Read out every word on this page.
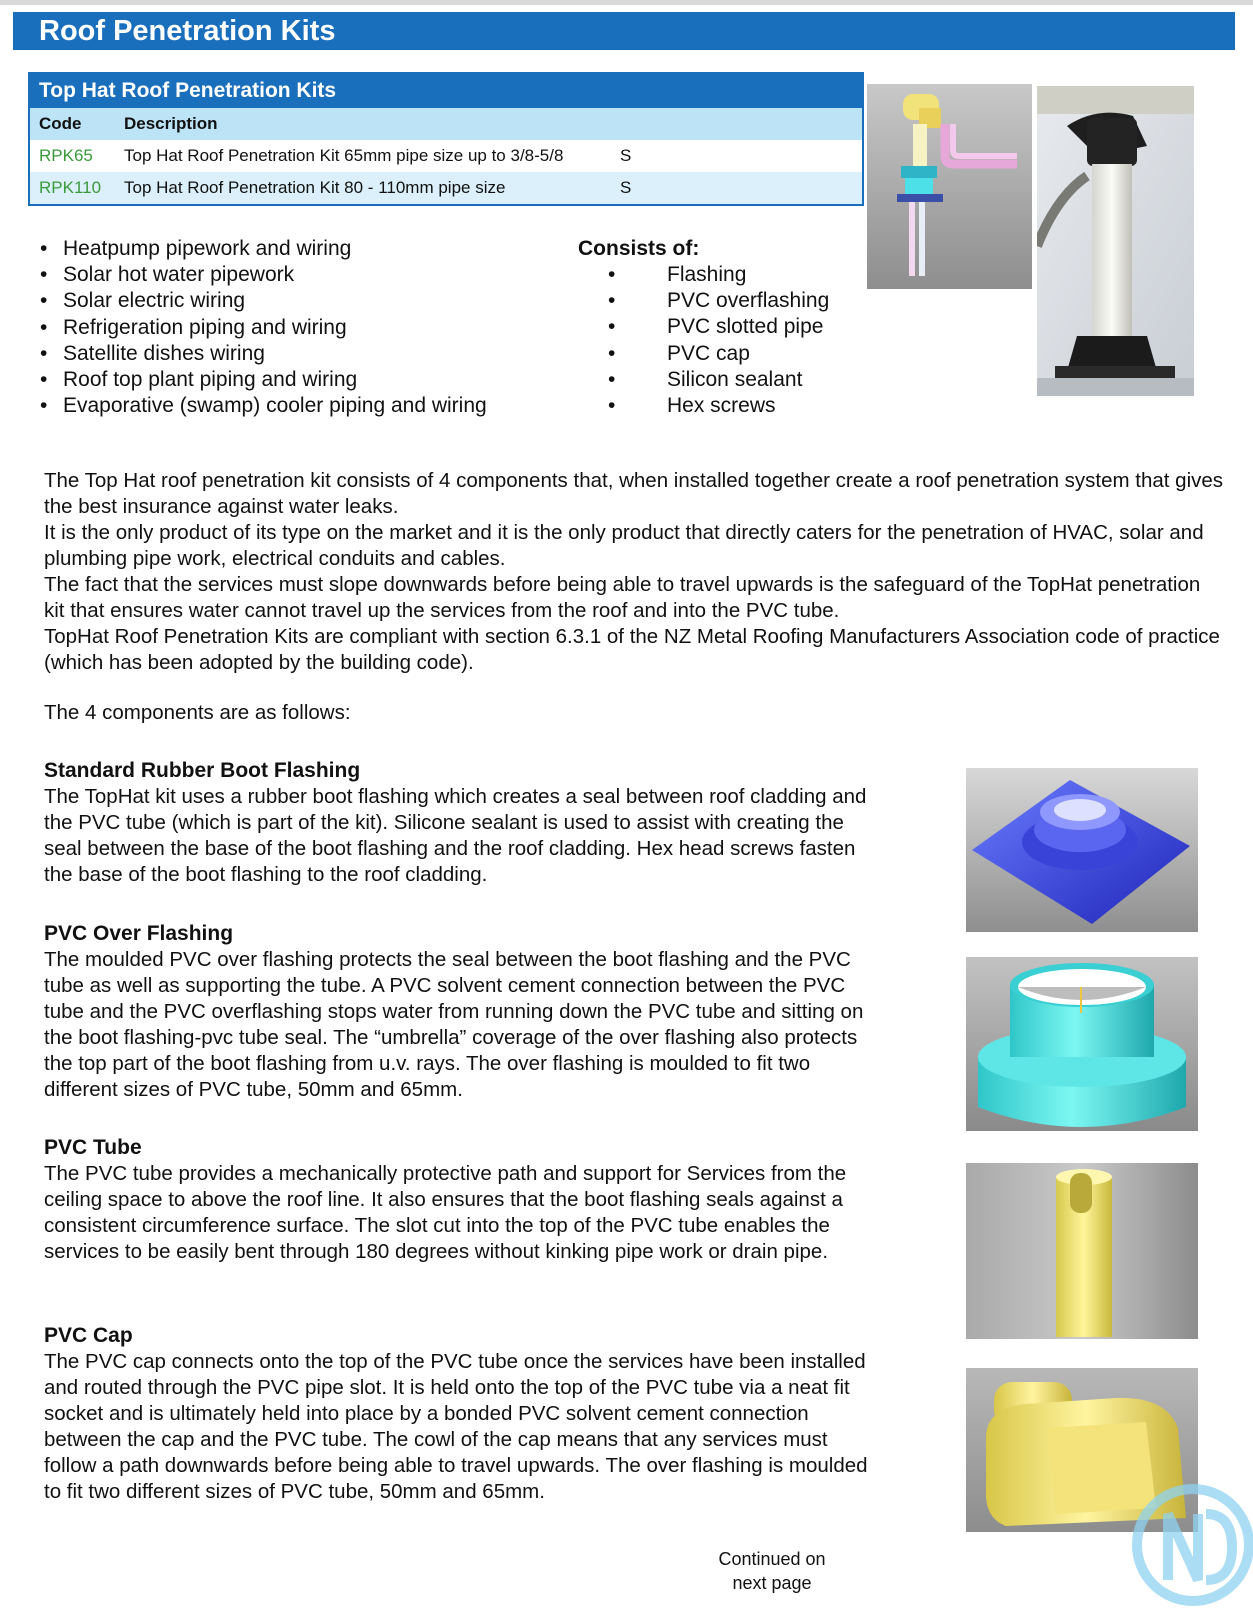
Roof Penetration Kits
Top Hat Roof Penetration Kits
Code	Description
RPK65 Top Hat Roof Penetration Kit 65mm pipe size up to 3/8-5/8	S
RPK110 Top Hat Roof Penetration Kit 80 - 110mm pipe size	S
• Heatpump pipework and wiring
• Solar hot water pipework
• Solar electric wiring
• Refrigeration piping and wiring
• Satellite dishes wiring
• Roof top plant piping and wiring
• Evaporative (swamp) cooler piping and wiring
Consists of:
• Flashing
• PVC overflashing
• PVC slotted pipe
• PVC cap
• Silicon sealant
• Hex screws

The Top Hat roof penetration kit consists of 4 components that, when installed together create a roof penetration system that gives the best insurance against water leaks.

It is the only product of its type on the market and it is the only product that directly caters for the penetration of HVAC, solar and plumbing pipe work, electrical conduits and cables.

The fact that the services must slope downwards before being able to travel upwards is the safeguard of the TopHat penetration kit that ensures water cannot travel up the services from the roof and into the PVC tube.

TopHat Roof Penetration Kits are compliant with section 6.3.1 of the NZ Metal Roofing Manufacturers Association code of practice (which has been adopted by the building code).

The 4 components are as follows:
Standard Rubber Boot Flashing

The TopHat kit uses a rubber boot flashing which creates a seal between roof cladding and the PVC tube (which is part of the kit). Silicone sealant is used to assist with creating the seal between the base of the boot flashing and the roof cladding. Hex head screws fasten the base of the boot flashing to the roof cladding.

PVC Over Flashing

The moulded PVC over flashing protects the seal between the boot flashing and the PVC tube as well as supporting the tube. A PVC solvent cement connection between the PVC tube and the PVC overflashing stops water from running down the PVC tube and sitting on the boot flashing-pvc tube seal. The “umbrella” coverage of the over flashing also protects the top part of the boot flashing from u.v. rays. The over flashing is moulded to fit two different sizes of PVC tube, 50mm and 65mm.

PVC Tube

The PVC tube provides a mechanically protective path and support for Services from the ceiling space to above the roof line. It also ensures that the boot flashing seals against a consistent circumference surface. The slot cut into the top of the PVC tube enables the services to be easily bent through 180 degrees without kinking pipe work or drain pipe.

PVC Cap

The PVC cap connects onto the top of the PVC tube once the services have been installed and routed through the PVC pipe slot. It is held onto the top of the PVC tube via a neat fit socket and is ultimately held into place by a bonded PVC solvent cement connection between the cap and the PVC tube. The cowl of the cap means that any services must follow a path downwards before being able to travel upwards. The over flashing is moulded to fit two different sizes of PVC tube, 50mm and 65mm.

Continued on next page
